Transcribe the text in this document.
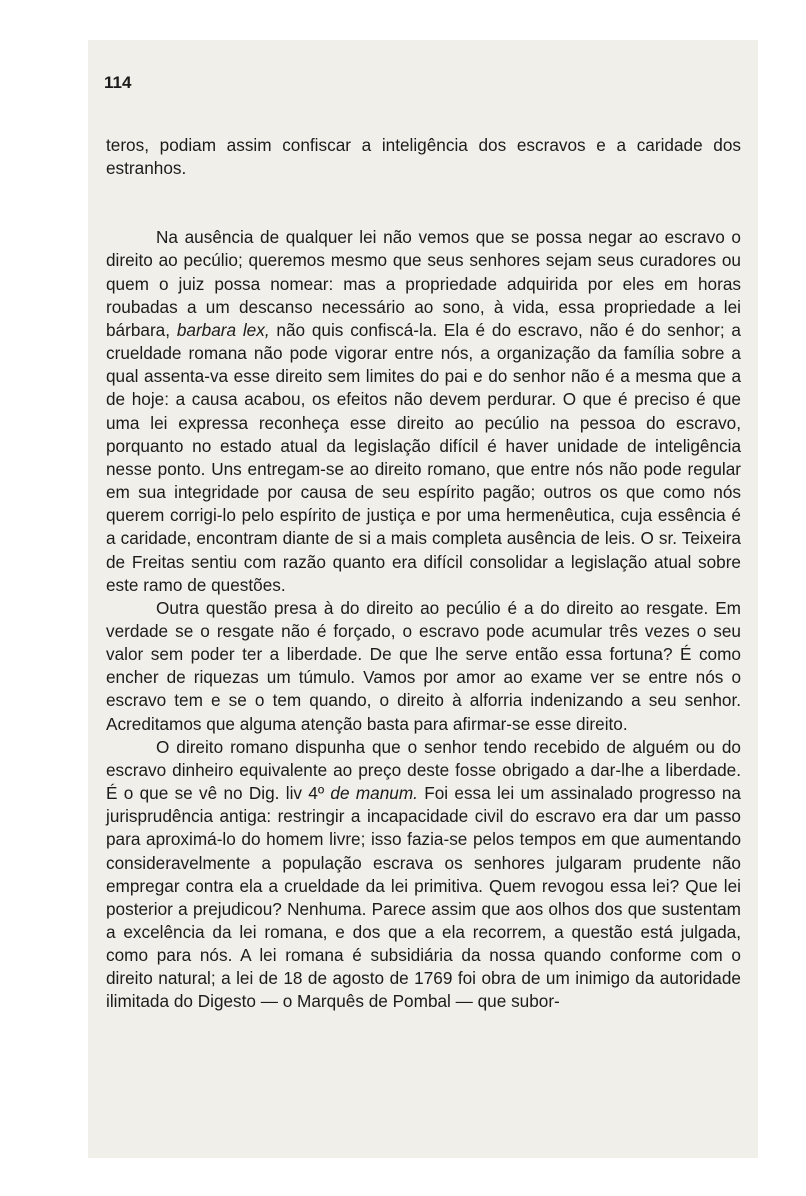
114

teros, podiam assim confiscar a inteligência dos escravos e a caridade dos estranhos.

Na ausência de qualquer lei não vemos que se possa negar ao escravo o direito ao pecúlio; queremos mesmo que seus senhores sejam seus curadores ou quem o juiz possa nomear: mas a propriedade adquirida por eles em horas roubadas a um descanso necessário ao sono, à vida, essa propriedade a lei bárbara, barbara lex, não quis confiscá-la. Ela é do escravo, não é do senhor; a crueldade romana não pode vigorar entre nós, a organização da família sobre a qual assenta-va esse direito sem limites do pai e do senhor não é a mesma que a de hoje: a causa acabou, os efeitos não devem perdurar. O que é preciso é que uma lei expressa reconheça esse direito ao pecúlio na pessoa do escravo, porquanto no estado atual da legislação difícil é haver unidade de inteligência nesse ponto. Uns entregam-se ao direito romano, que entre nós não pode regular em sua integridade por causa de seu espírito pagão; outros os que como nós querem corrigi-lo pelo espírito de justiça e por uma hermenêutica, cuja essência é a caridade, encontram diante de si a mais completa ausência de leis. O sr. Teixeira de Freitas sentiu com razão quanto era difícil consolidar a legislação atual sobre este ramo de questões.

Outra questão presa à do direito ao pecúlio é a do direito ao resgate. Em verdade se o resgate não é forçado, o escravo pode acumular três vezes o seu valor sem poder ter a liberdade. De que lhe serve então essa fortuna? É como encher de riquezas um túmulo. Vamos por amor ao exame ver se entre nós o escravo tem e se o tem quando, o direito à alforria indenizando a seu senhor. Acreditamos que alguma atenção basta para afirmar-se esse direito.

O direito romano dispunha que o senhor tendo recebido de alguém ou do escravo dinheiro equivalente ao preço deste fosse obrigado a dar-lhe a liberdade. É o que se vê no Dig. liv 4º de manum. Foi essa lei um assinalado progresso na jurisprudência antiga: restringir a incapacidade civil do escravo era dar um passo para aproximá-lo do homem livre; isso fazia-se pelos tempos em que aumentando consideravelmente a população escrava os senhores julgaram prudente não empregar contra ela a crueldade da lei primitiva. Quem revogou essa lei? Que lei posterior a prejudicou? Nenhuma. Parece assim que aos olhos dos que sustentam a excelência da lei romana, e dos que a ela recorrem, a questão está julgada, como para nós. A lei romana é subsidiária da nossa quando conforme com o direito natural; a lei de 18 de agosto de 1769 foi obra de um inimigo da autoridade ilimitada do Digesto — o Marquês de Pombal — que subor-
